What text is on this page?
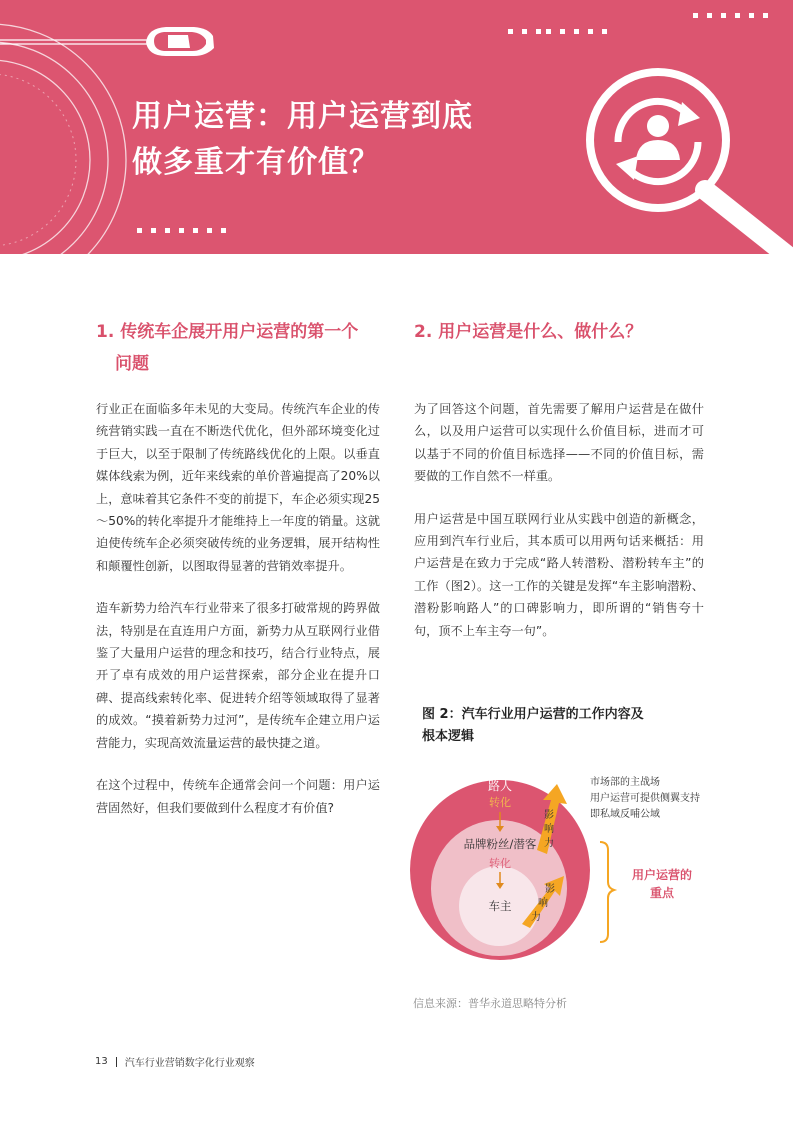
用户运营：用户运营到底
做多重才有价值？
1. 传统车企展开用户运营的第一个
问题

行业正在面临多年未见的大变局。传统汽车企业的传统营销实践一直在不断迭代优化，但外部环境变化过于巨大，以至于限制了传统路线优化的上限。以垂直媒体线索为例，近年来线索的单价普遍提高了20%以上，意味着其它条件不变的前提下，车企必须实现25～50%的转化率提升才能维持上一年度的销量。这就迫使传统车企必须突破传统的业务逻辑，展开结构性和颠覆性创新，以图取得显著的营销效率提升。

造车新势力给汽车行业带来了很多打破常规的跨界做法，特别是在直连用户方面，新势力从互联网行业借鉴了大量用户运营的理念和技巧，结合行业特点，展开了卓有成效的用户运营探索，部分企业在提升口碑、提高线索转化率、促进转介绍等领域取得了显著的成效。“摸着新势力过河”，是传统车企建立用户运营能力，实现高效流量运营的最快捷之道。

在这个过程中，传统车企通常会问一个问题：用户运营固然好，但我们要做到什么程度才有价值?

2. 用户运营是什么、做什么？

为了回答这个问题，首先需要了解用户运营是在做什么，以及用户运营可以实现什么价值目标，进而才可以基于不同的价值目标选择——不同的价值目标，需要做的工作自然不一样重。

用户运营是中国互联网行业从实践中创造的新概念，应用到汽车行业后，其本质可以用两句话来概括：用户运营是在致力于完成“路人转潜粉、潜粉转车主”的工作（图2）。这一工作的关键是发挥“车主影响潜粉、潜粉影响路人”的口碑影响力，即所谓的“销售夸十句，顶不上车主夸一句”。

图 2：汽车行业用户运营的工作内容及
根本逻辑
路人
转化
品牌粉丝/潜客
转化
车主
影
响
力
影
响
力
市场部的主战场
用户运营可提供侧翼支持
即私域反哺公域
用户运营的
重点
信息来源：普华永道思略特分析
13 汽车行业营销数字化行业观察
